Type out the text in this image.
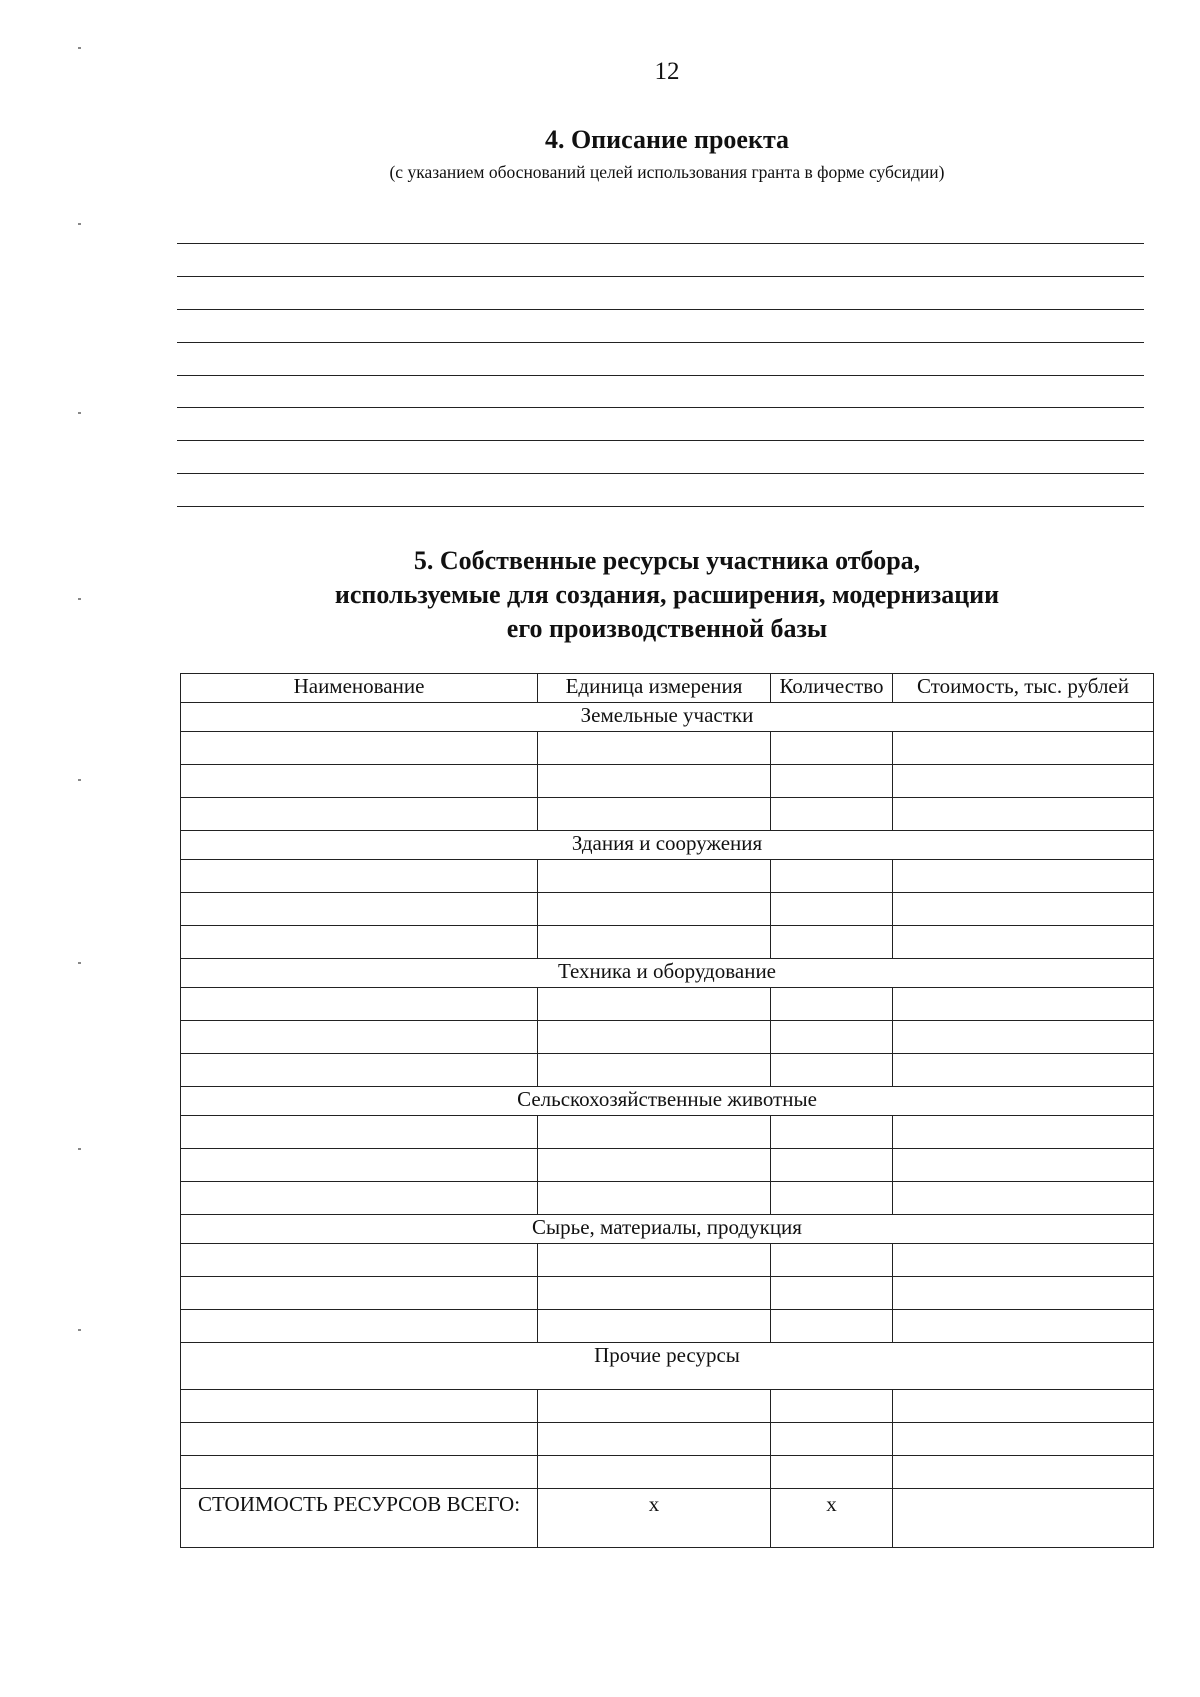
12
4. Описание проекта
(с указанием обоснований целей использования гранта в форме субсидии)
5. Собственные ресурсы участника отбора,
используемые для создания, расширения, модернизации
его производственной базы
Наименование	Единица измерения	Количество	Стоимость, тыс. рублей
Земельные участки			

Здания и сооружения			

Техника и оборудование			

Сельскохозяйственные животные			

Сырье, материалы, продукция			

Прочие ресурсы			

СТОИМОСТЬ РЕСУРСОВ ВСЕГО:	х	х	
